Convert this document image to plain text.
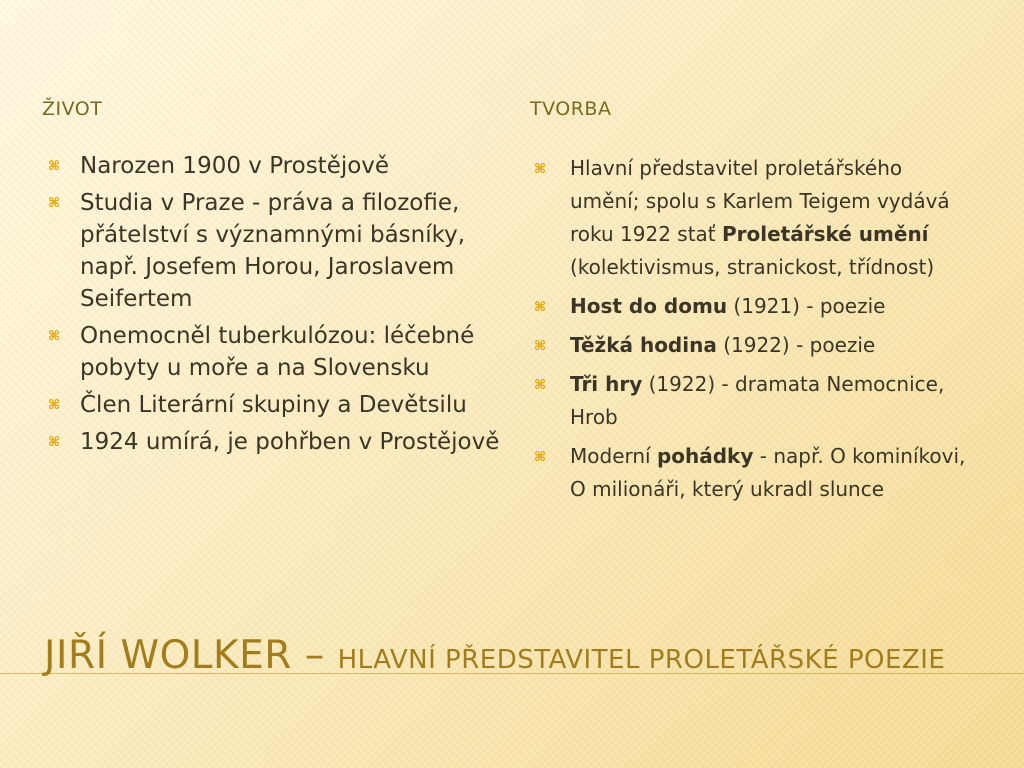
ŽIVOT	TVORBA
⌘ Narozen 1900 v Prostějově
⌘ Studia v Praze - práva a filozofie, přátelství s významnými básníky, např. Josefem Horou, Jaroslavem Seifertem
⌘ Onemocněl tuberkulózou: léčebné pobyty u moře a na Slovensku
⌘ Člen Literární skupiny a Devětsilu
⌘ 1924 umírá, je pohřben v Prostějově
⌘ Hlavní představitel proletářského umění; spolu s Karlem Teigem vydává roku 1922 stať Proletářské umění (kolektivismus, stranickost, třídnost)
⌘ Host do domu (1921) - poezie
⌘ Těžká hodina (1922) - poezie
⌘ Tři hry (1922) - dramata Nemocnice, Hrob
⌘ Moderní pohádky - např. O kominíkovi, O milionáři, který ukradl slunce
JIŘÍ WOLKER – HLAVNÍ PŘEDSTAVITEL PROLETÁŘSKÉ POEZIE
